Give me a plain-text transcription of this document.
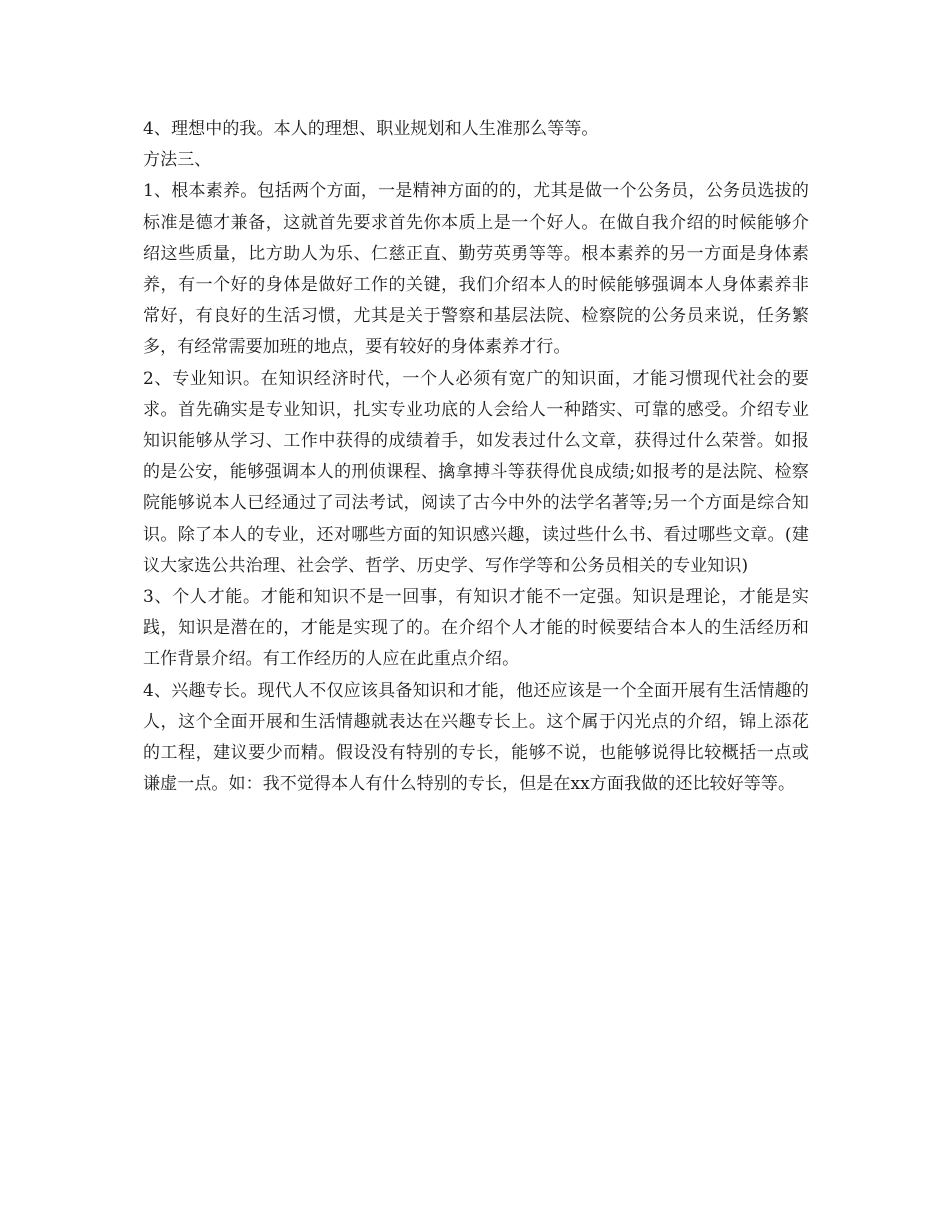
4、理想中的我。本人的理想、职业规划和人生准那么等等。

方法三、

1、根本素养。包括两个方面，一是精神方面的的，尤其是做一个公务员，公务员选拔的标准是德才兼备，这就首先要求首先你本质上是一个好人。在做自我介绍的时候能够介绍这些质量，比方助人为乐、仁慈正直、勤劳英勇等等。根本素养的另一方面是身体素养，有一个好的身体是做好工作的关键，我们介绍本人的时候能够强调本人身体素养非常好，有良好的生活习惯，尤其是关于警察和基层法院、检察院的公务员来说，任务繁多，有经常需要加班的地点，要有较好的身体素养才行。

2、专业知识。在知识经济时代，一个人必须有宽广的知识面，才能习惯现代社会的要求。首先确实是专业知识，扎实专业功底的人会给人一种踏实、可靠的感受。介绍专业知识能够从学习、工作中获得的成绩着手，如发表过什么文章，获得过什么荣誉。如报的是公安，能够强调本人的刑侦课程、擒拿搏斗等获得优良成绩;如报考的是法院、检察院能够说本人已经通过了司法考试，阅读了古今中外的法学名著等;另一个方面是综合知识。除了本人的专业，还对哪些方面的知识感兴趣，读过些什么书、看过哪些文章。(建议大家选公共治理、社会学、哲学、历史学、写作学等和公务员相关的专业知识)

3、个人才能。才能和知识不是一回事，有知识才能不一定强。知识是理论，才能是实践，知识是潜在的，才能是实现了的。在介绍个人才能的时候要结合本人的生活经历和工作背景介绍。有工作经历的人应在此重点介绍。

4、兴趣专长。现代人不仅应该具备知识和才能，他还应该是一个全面开展有生活情趣的人，这个全面开展和生活情趣就表达在兴趣专长上。这个属于闪光点的介绍，锦上添花的工程，建议要少而精。假设没有特别的专长，能够不说，也能够说得比较概括一点或谦虚一点。如：我不觉得本人有什么特别的专长，但是在xx方面我做的还比较好等等。
